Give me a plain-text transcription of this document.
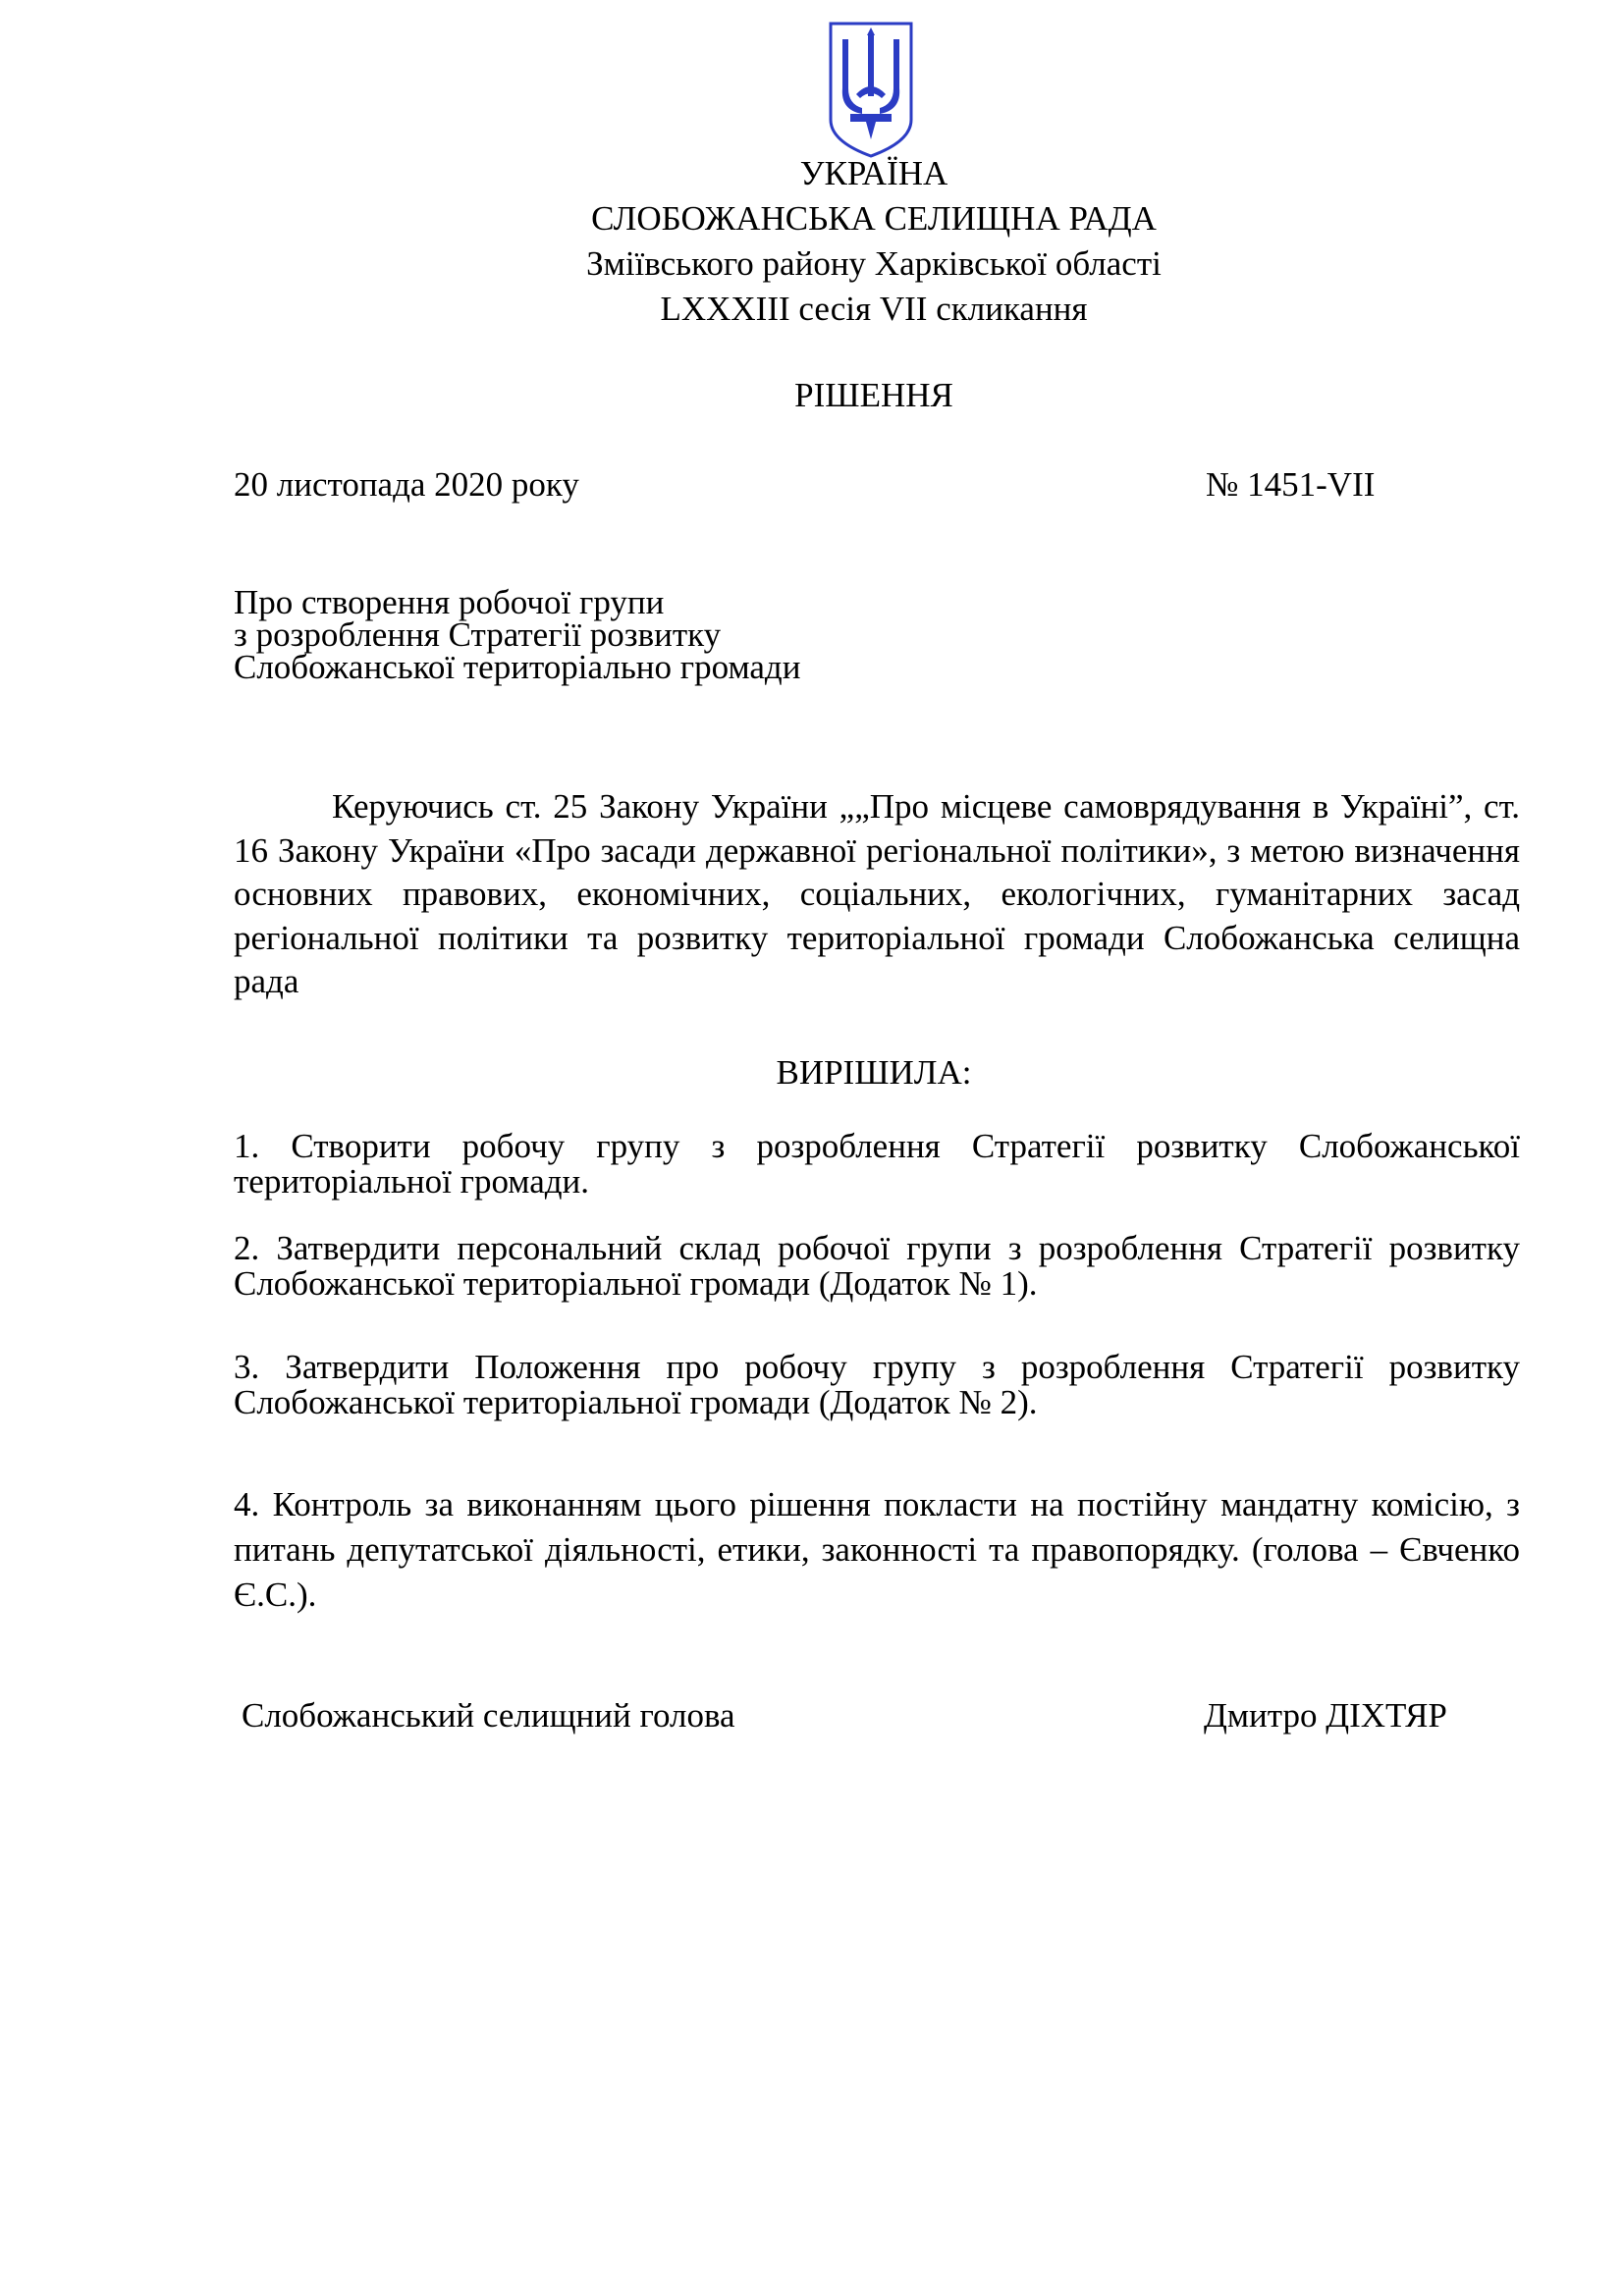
УКРАЇНА
СЛОБОЖАНСЬКА СЕЛИЩНА РАДА
Зміївського району Харківської області
LXXXIII сесія VII скликання
РІШЕННЯ
20 листопада 2020 року	№ 1451-VII
Про створення робочої групи
з розроблення Стратегії розвитку
Слобожанської територіально громади
Керуючись ст. 25 Закону України „„Про місцеве самоврядування в Україні”, ст. 16 Закону України «Про засади державної регіональної політики», з метою визначення основних правових, економічних, соціальних, екологічних, гуманітарних засад регіональної політики та розвитку територіальної громади Слобожанська селищна рада
ВИРІШИЛА:
1. Створити робочу групу з розроблення Стратегії розвитку Слобожанської територіальної громади.
2. Затвердити персональний склад робочої групи з розроблення Стратегії розвитку Слобожанської територіальної громади (Додаток № 1).
3. Затвердити Положення про робочу групу з розроблення Стратегії розвитку Слобожанської територіальної громади (Додаток № 2).
4. Контроль за виконанням цього рішення покласти на постійну мандатну комісію, з питань депутатської діяльності, етики, законності та правопорядку. (голова – Євченко Є.С.).
Слобожанський селищний голова	Дмитро ДІХТЯР
